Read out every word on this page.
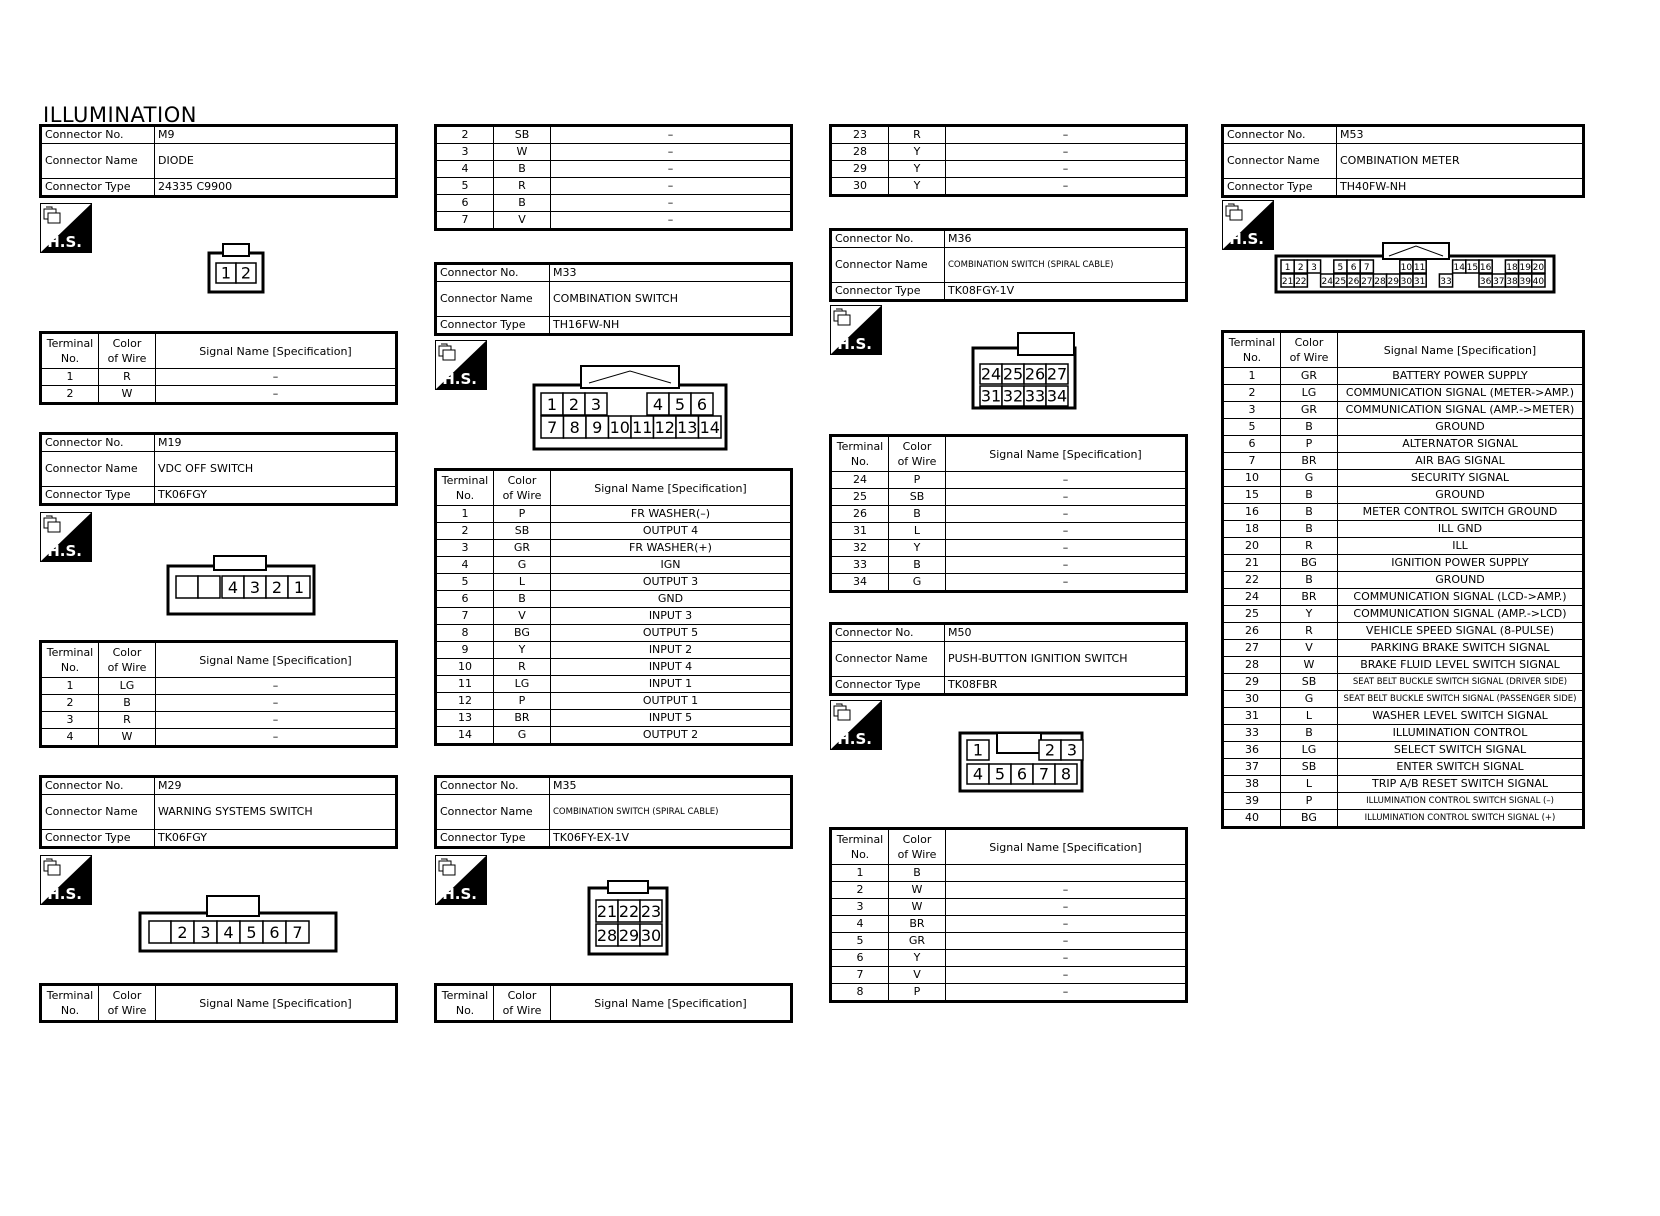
ILLUMINATION
Connector No.	M9
Connector Name	DIODE
Connector Type	24335 C9900
H.S.
1 2
Terminal
No.	Color
of Wire	Signal Name [Specification]
1	R	–
2	W	–
Connector No.	M19
Connector Name	VDC OFF SWITCH
Connector Type	TK06FGY
H.S.
4 3 2 1
Terminal
No.	Color
of Wire	Signal Name [Specification]
1	LG	–
2	B	–
3	R	–
4	W	–
Connector No.	M29
Connector Name	WARNING SYSTEMS SWITCH
Connector Type	TK06FGY
H.S.
2 3 4 5 6 7
Terminal
No.	Color
of Wire	Signal Name [Specification]
2	SB	–
3	W	–
4	B	–
5	R	–
6	B	–
7	V	–
Connector No.	M33
Connector Name	COMBINATION SWITCH
Connector Type	TH16FW-NH
H.S.
1 2 3	4 5 6
7 8 9 10 11 12 13 14
Terminal
No.	Color
of Wire	Signal Name [Specification]
1	P	FR WASHER(–)
2	SB	OUTPUT 4
3	GR	FR WASHER(+)
4	G	IGN
5	L	OUTPUT 3
6	B	GND
7	V	INPUT 3
8	BG	OUTPUT 5
9	Y	INPUT 2
10	R	INPUT 4
11	LG	INPUT 1
12	P	OUTPUT 1
13	BR	INPUT 5
14	G	OUTPUT 2
Connector No.	M35
Connector Name	COMBINATION SWITCH (SPIRAL CABLE)
Connector Type	TK06FY-EX-1V
H.S.
21 22 23
28 29 30
Terminal
No.	Color
of Wire	Signal Name [Specification]
23	R	–
28	Y	–
29	Y	–
30	Y	–
Connector No.	M36
Connector Name	COMBINATION SWITCH (SPIRAL CABLE)
Connector Type	TK08FGY-1V
H.S.
24 25 26 27
31 32 33 34
Terminal
No.	Color
of Wire	Signal Name [Specification]
24	P	–
25	SB	–
26	B	–
31	L	–
32	Y	–
33	B	–
34	G	–
Connector No.	M50
Connector Name	PUSH-BUTTON IGNITION SWITCH
Connector Type	TK08FBR
H.S.
1	2 3
4 5 6 7 8
Terminal
No.	Color
of Wire	Signal Name [Specification]
1	B	
2	W	–
3	W	–
4	BR	–
5	GR	–
6	Y	–
7	V	–
8	P	–
Connector No.	M53
Connector Name	COMBINATION METER
Connector Type	TH40FW-NH
H.S.
1 2 3 5 6 7	10 11	14 15 16 18 19 20
21 22 24 25 26 27 28 29 30 31 33	36 37 38 39 40
Terminal
No.	Color
of Wire	Signal Name [Specification]
1	GR	BATTERY POWER SUPPLY
2	LG	COMMUNICATION SIGNAL (METER->AMP.)
3	GR	COMMUNICATION SIGNAL (AMP.->METER)
5	B	GROUND
6	P	ALTERNATOR SIGNAL
7	BR	AIR BAG SIGNAL
10	G	SECURITY SIGNAL
15	B	GROUND
16	B	METER CONTROL SWITCH GROUND
18	B	ILL GND
20	R	ILL
21	BG	IGNITION POWER SUPPLY
22	B	GROUND
24	BR	COMMUNICATION SIGNAL (LCD->AMP.)
25	Y	COMMUNICATION SIGNAL (AMP.->LCD)
26	R	VEHICLE SPEED SIGNAL (8-PULSE)
27	V	PARKING BRAKE SWITCH SIGNAL
28	W	BRAKE FLUID LEVEL SWITCH SIGNAL
29	SB	SEAT BELT BUCKLE SWITCH SIGNAL (DRIVER SIDE)
30	G	SEAT BELT BUCKLE SWITCH SIGNAL (PASSENGER SIDE)
31	L	WASHER LEVEL SWITCH SIGNAL
33	B	ILLUMINATION CONTROL
36	LG	SELECT SWITCH SIGNAL
37	SB	ENTER SWITCH SIGNAL
38	L	TRIP A/B RESET SWITCH SIGNAL
39	P	ILLUMINATION CONTROL SWITCH SIGNAL (–)
40	BG	ILLUMINATION CONTROL SWITCH SIGNAL (+)
